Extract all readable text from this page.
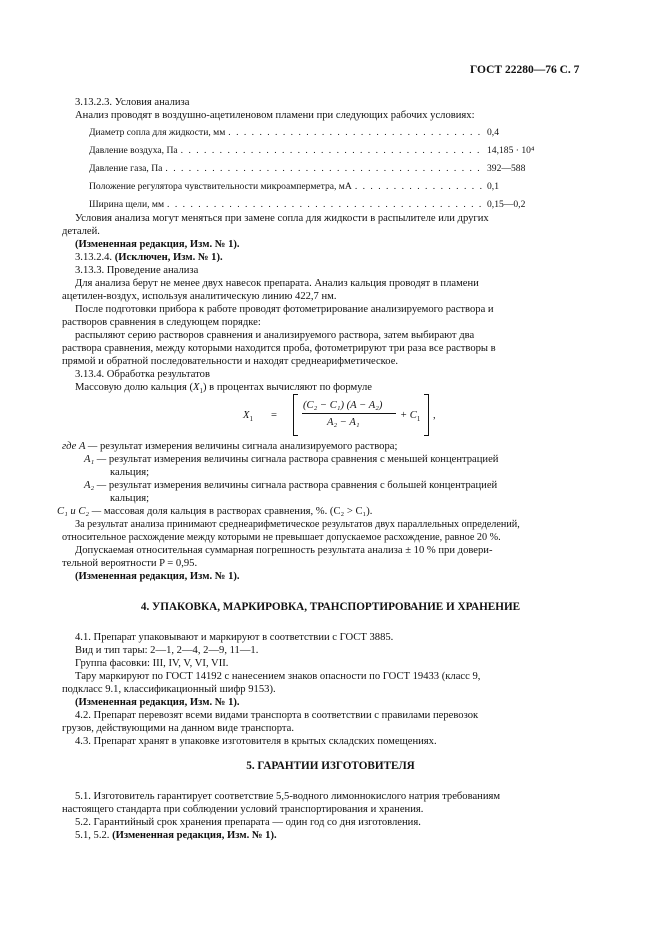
ГОСТ 22280—76 С. 7
3.13.2.3. Условия анализа
Анализ проводят в воздушно-ацетиленовом пламени при следующих рабочих условиях:
Диаметр сопла для жидкости, мм . . .	0,4
Давление воздуха, Па . . .	14,185 · 10⁴
Давление газа, Па . . .	392—588
Положение регулятора чувствительности микроамперметра, мА . . .	0,1
Ширина щели, мм . . .	0,15—0,2
Условия анализа могут меняться при замене сопла для жидкости в распылителе или других
деталей.
(Измененная редакция, Изм. № 1).
3.13.2.4. (Исключен, Изм. № 1).
3.13.3. Проведение анализа
Для анализа берут не менее двух навесок препарата. Анализ кальция проводят в пламени
ацетилен-воздух, используя аналитическую линию 422,7 нм.
После подготовки прибора к работе проводят фотометрирование анализируемого раствора и
растворов сравнения в следующем порядке:
распыляют серию растворов сравнения и анализируемого раствора, затем выбирают два
раствора сравнения, между которыми находится проба, фотометрируют три раза все растворы в
прямой и обратной последовательности и находят среднеарифметическое.
3.13.4. Обработка результатов
Массовую долю кальция $(X_1)$ в процентах вычисляют по формуле
$X_1$ =
(C₂ − C₁) (A − A₂)
A₂ − A₁
+ $C_1$ ,
где A — результат измерения величины сигнала анализируемого раствора;
A₁ — результат измерения величины сигнала раствора сравнения с меньшей концентрацией
кальция;
A₂ — результат измерения величины сигнала раствора сравнения с большей концентрацией
кальция;
C₁ и C₂ — массовая доля кальция в растворах сравнения, %. (C₂ > C₁).
За результат анализа принимают среднеарифметическое результатов двух параллельных определений,
относительное расхождение между которыми не превышает допускаемое расхождение, равное 20 %.
Допускаемая относительная суммарная погрешность результата анализа ± 10 % при довери-
тельной вероятности P = 0,95.
(Измененная редакция, Изм. № 1).
4. УПАКОВКА, МАРКИРОВКА, ТРАНСПОРТИРОВАНИЕ И ХРАНЕНИЕ
4.1. Препарат упаковывают и маркируют в соответствии с ГОСТ 3885.
Вид и тип тары: 2—1, 2—4, 2—9, 11—1.
Группа фасовки: III, IV, V, VI, VII.
Тару маркируют по ГОСТ 14192 с нанесением знаков опасности по ГОСТ 19433 (класс 9,
подкласс 9.1, классификационный шифр 9153).
(Измененная редакция, Изм. № 1).
4.2. Препарат перевозят всеми видами транспорта в соответствии с правилами перевозок
грузов, действующими на данном виде транспорта.
4.3. Препарат хранят в упаковке изготовителя в крытых складских помещениях.
5. ГАРАНТИИ ИЗГОТОВИТЕЛЯ
5.1. Изготовитель гарантирует соответствие 5,5-водного лимоннокислого натрия требованиям
настоящего стандарта при соблюдении условий транспортирования и хранения.
5.2. Гарантийный срок хранения препарата — один год со дня изготовления.
5.1, 5.2. (Измененная редакция, Изм. № 1).
